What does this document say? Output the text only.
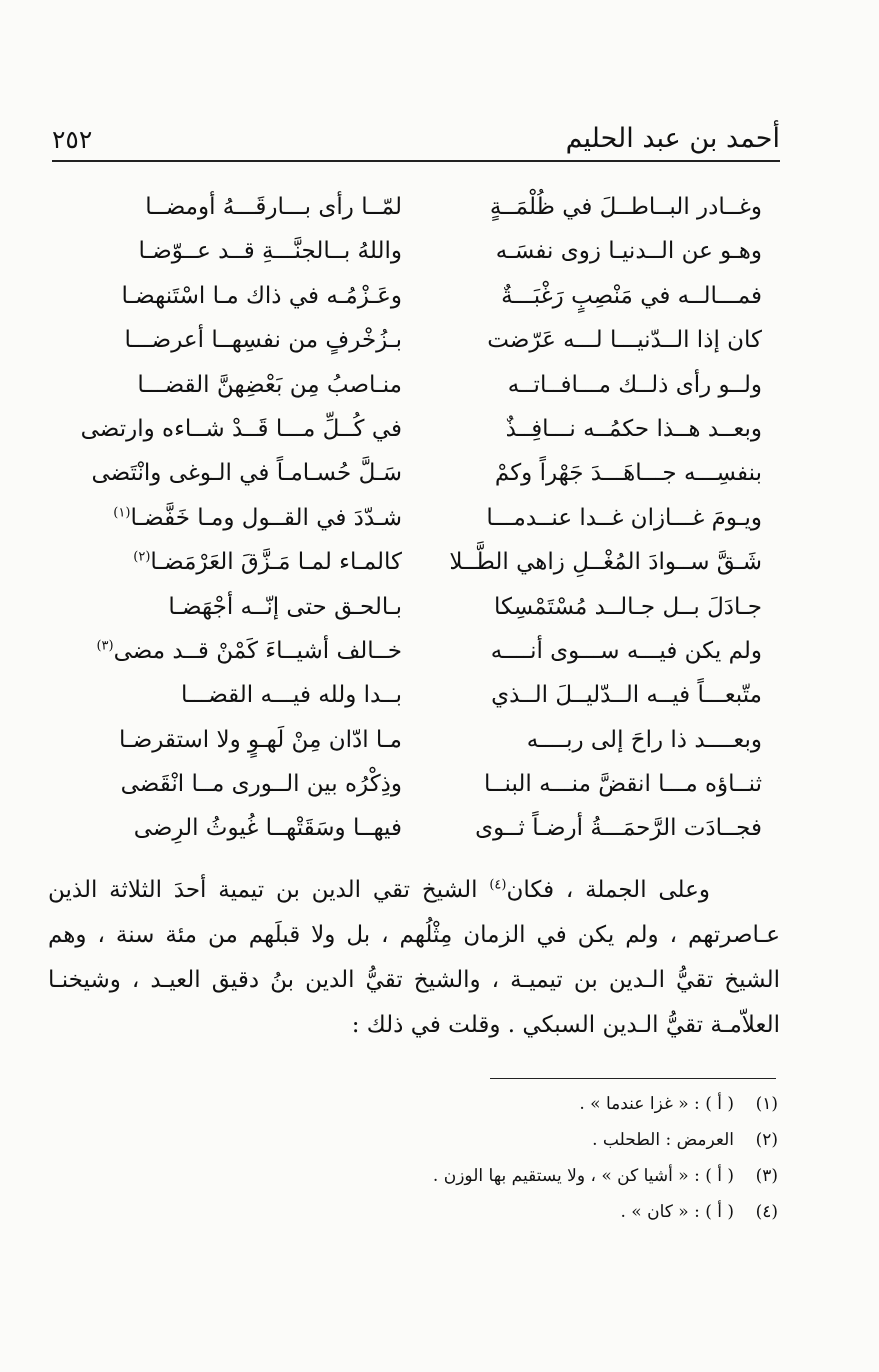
٢٥٢	أحمد بن عبد الحليم
وغــادر البــاطــلَ في ظُلْمَــةٍ
لمّــا رأى بـــارقَـــهُ أومضــا
وهـو عن الــدنيـا زوى نفسَـه
واللهُ بــالجنَّـــةِ قــد عــوّضـا
فمـــالــه في مَنْصِبٍ رَغْبَـــةٌ
وعَـزْمُـه في ذاك مـا اسْتَنهضـا
كان إذا الــدّنيـــا لـــه عَرّضت
بـزُخْرفٍ من نفسِهــا أعرضـــا
ولــو رأى ذلــك مـــافــاتــه
منـاصبُ مِن بَعْضِهنَّ القضـــا
وبعــد هــذا حكمُــه نـــافِــذٌ
في كُــلِّ مـــا قَــدْ شــاءه وارتضى
بنفسِـــه جـــاهَـــدَ جَهْراً وكمْ
سَـلَّ حُسـامـاً في الـوغى وانْتَضى
ويـومَ غـــازان غــدا عنــدمـــا
شـدّدَ في القــول ومـا خَفَّضـا$^{(١)}$
شَـقَّ ســوادَ المُغْــلِ زاهي الطَّــلا
كالمـاء لمـا مَـزَّقَ العَرْمَضـا$^{(٢)}$
جـادَلَ بــل جـالــد مُسْتَمْسِكا
بـالحـق حتى إنّــه أجْهَضـا
ولم يكن فيـــه ســـوى أنــــه
خــالف أشيــاءَ كَمْنْ قــد مضى$^{(٣)}$
متّبعـــاً فيــه الــدّليــلَ الــذي
بــدا ولله فيـــه القضـــا
وبعــــد ذا راحَ إلى ربــــه
مـا ادّان مِنْ لَهـوٍ ولا استقرضـا
ثنــاؤه مـــا انقضَّ منـــه البنــا
وذِكْرُه بين الــورى مــا انْقَضى
فجــادَت الرَّحمَـــةُ أرضـاً ثــوى
فيهــا وسَقَتْهــا غُيوثُ الرِضى

وعلى الجملة ، فكان$^{(٤)}$ الشيخ تقي الدين بن تيمية أحدَ الثلاثة الذين عـاصرتهم ، ولم يكن في الزمان مِثْلُهم ، بل ولا قبلَهم من مئة سنة ، وهم الشيخ تقيُّ الـدين بن تيميـة ، والشيخ تقيُّ الدين بنُ دقيق العيـد ، وشيخنـا العلاّمـة تقيُّ الـدين السبكي . وقلت في ذلك :

(١)( أ ) : « غزا عندما » .
(٢)العرمض : الطحلب .
(٣)( أ ) : « أشيا كن » ، ولا يستقيم بها الوزن .
(٤)( أ ) : « كان » .
